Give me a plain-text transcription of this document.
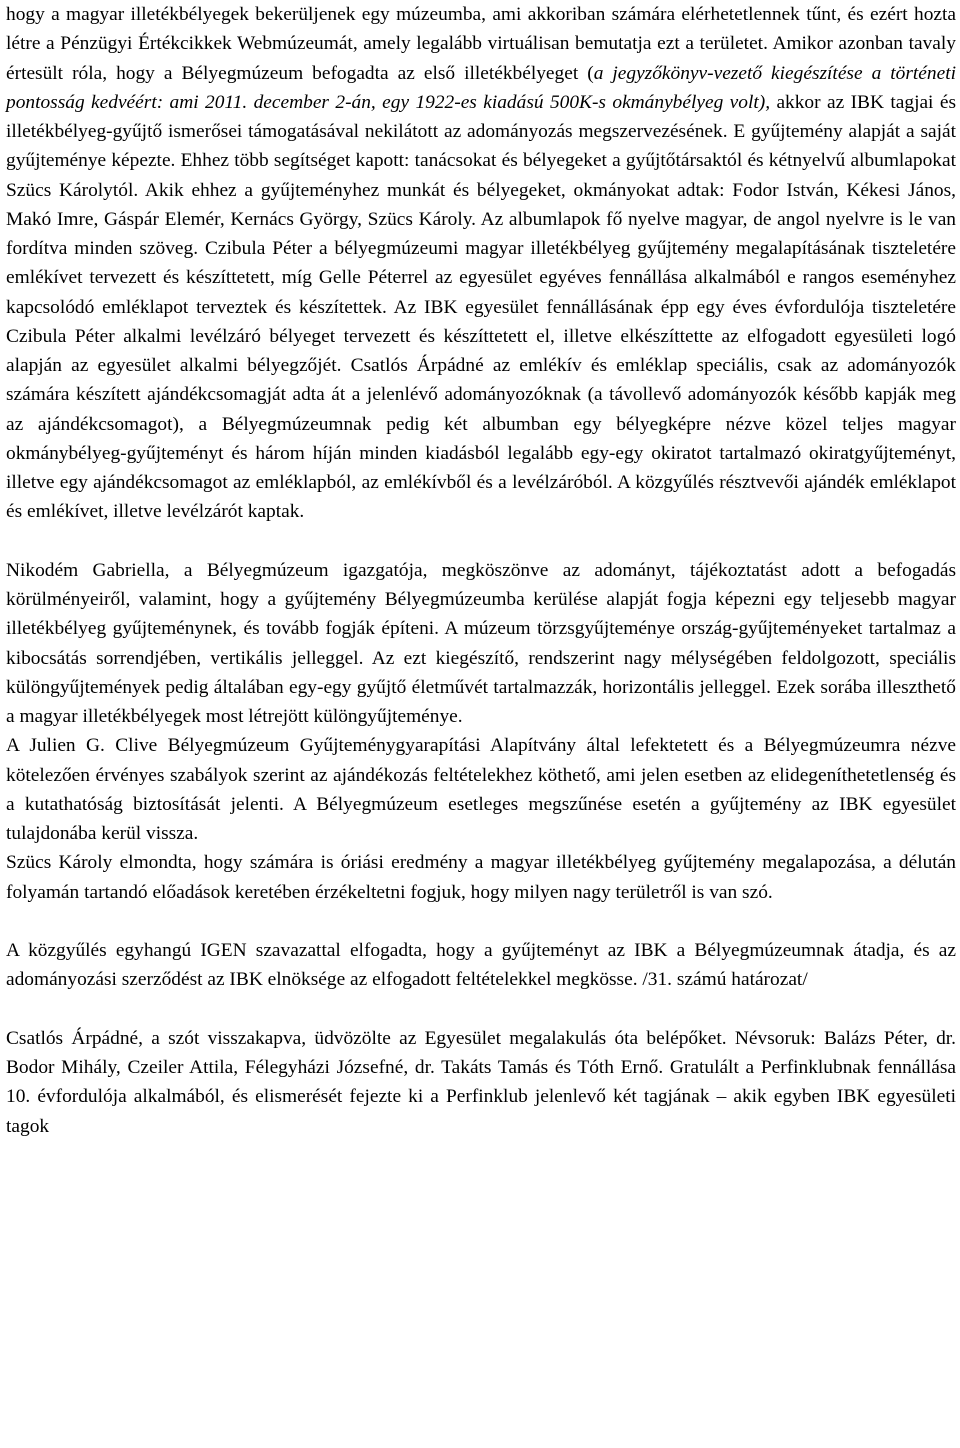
hogy a magyar illetékbélyegek bekerüljenek egy múzeumba, ami akkoriban számára elérhetetlennek tűnt, és ezért hozta létre a Pénzügyi Értékcikkek Webmúzeumát, amely legalább virtuálisan bemutatja ezt a területet. Amikor azonban tavaly értesült róla, hogy a Bélyegmúzeum befogadta az első illetékbélyeget (a jegyzőkönyv-vezető kiegészítése a történeti pontosság kedvéért: ami 2011. december 2-án, egy 1922-es kiadású 500K-s okmánybélyeg volt), akkor az IBK tagjai és illetékbélyeg-gyűjtő ismerősei támogatásával nekilátott az adományozás megszervezésének. E gyűjtemény alapját a saját gyűjteménye képezte. Ehhez több segítséget kapott: tanácsokat és bélyegeket a gyűjtőtársaktól és kétnyelvű albumlapokat Szücs Károlytól. Akik ehhez a gyűjteményhez munkát és bélyegeket, okmányokat adtak: Fodor István, Kékesi János, Makó Imre, Gáspár Elemér, Kernács György, Szücs Károly. Az albumlapok fő nyelve magyar, de angol nyelvre is le van fordítva minden szöveg. Czibula Péter a bélyegmúzeumi magyar illetékbélyeg gyűjtemény megalapításának tiszteletére emlékívet tervezett és készíttetett, míg Gelle Péterrel az egyesület egyéves fennállása alkalmából e rangos eseményhez kapcsolódó emléklapot terveztek és készítettek. Az IBK egyesület fennállásának épp egy éves évfordulója tiszteletére Czibula Péter alkalmi levélzáró bélyeget tervezett és készíttetett el, illetve elkészíttette az elfogadott egyesületi logó alapján az egyesület alkalmi bélyegzőjét. Csatlós Árpádné az emlékív és emléklap speciális, csak az adományozók számára készített ajándékcsomagját adta át a jelenlévő adományozóknak (a távollevő adományozók később kapják meg az ajándékcsomagot), a Bélyegmúzeumnak pedig két albumban egy bélyegképre nézve közel teljes magyar okmánybélyeg-gyűjteményt és három híján minden kiadásból legalább egy-egy okiratot tartalmazó okiratgyűjteményt, illetve egy ajándékcsomagot az emléklapból, az emlékívből és a levélzáróból. A közgyűlés résztvevői ajándék emléklapot és emlékívet, illetve levélzárót kaptak.

Nikodém Gabriella, a Bélyegmúzeum igazgatója, megköszönve az adományt, tájékoztatást adott a befogadás körülményeiről, valamint, hogy a gyűjtemény Bélyegmúzeumba kerülése alapját fogja képezni egy teljesebb magyar illetékbélyeg gyűjteménynek, és tovább fogják építeni. A múzeum törzsgyűjteménye ország-gyűjteményeket tartalmaz a kibocsátás sorrendjében, vertikális jelleggel. Az ezt kiegészítő, rendszerint nagy mélységében feldolgozott, speciális különgyűjtemények pedig általában egy-egy gyűjtő életművét tartalmazzák, horizontális jelleggel. Ezek sorába illeszthető a magyar illetékbélyegek most létrejött különgyűjteménye.

A Julien G. Clive Bélyegmúzeum Gyűjteménygyarapítási Alapítvány által lefektetett és a Bélyegmúzeumra nézve kötelezően érvényes szabályok szerint az ajándékozás feltételekhez köthető, ami jelen esetben az elidegeníthetetlenség és a kutathatóság biztosítását jelenti. A Bélyegmúzeum esetleges megszűnése esetén a gyűjtemény az IBK egyesület tulajdonába kerül vissza.

Szücs Károly elmondta, hogy számára is óriási eredmény a magyar illetékbélyeg gyűjtemény megalapozása, a délután folyamán tartandó előadások keretében érzékeltetni fogjuk, hogy milyen nagy területről is van szó.

A közgyűlés egyhangú IGEN szavazattal elfogadta, hogy a gyűjteményt az IBK a Bélyegmúzeumnak átadja, és az adományozási szerződést az IBK elnöksége az elfogadott feltételekkel megkösse. /31. számú határozat/

Csatlós Árpádné, a szót visszakapva, üdvözölte az Egyesület megalakulás óta belépőket. Névsoruk: Balázs Péter, dr. Bodor Mihály, Czeiler Attila, Félegyházi Józsefné, dr. Takáts Tamás és Tóth Ernő. Gratulált a Perfinklubnak fennállása 10. évfordulója alkalmából, és elismerését fejezte ki a Perfinklub jelenlevő két tagjának – akik egyben IBK egyesületi tagok
